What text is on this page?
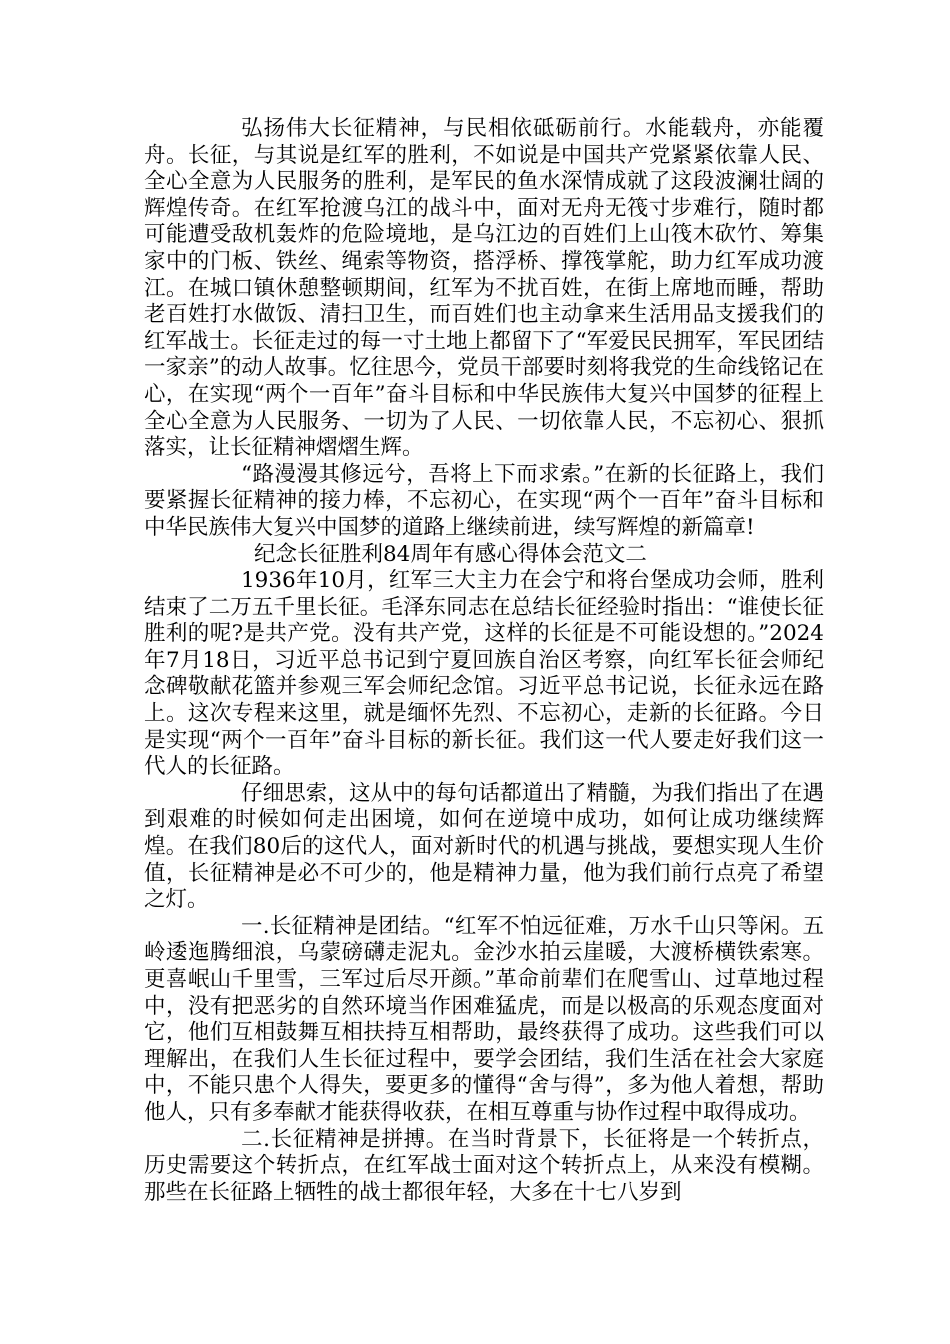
弘扬伟大长征精神，与民相依砥砺前行。水能载舟，亦能覆舟。长征，与其说是红军的胜利，不如说是中国共产党紧紧依靠人民、全心全意为人民服务的胜利，是军民的鱼水深情成就了这段波澜壮阔的辉煌传奇。在红军抢渡乌江的战斗中，面对无舟无筏寸步难行，随时都可能遭受敌机轰炸的危险境地，是乌江边的百姓们上山筏木砍竹、筹集家中的门板、铁丝、绳索等物资，搭浮桥、撑筏掌舵，助力红军成功渡江。在城口镇休憩整顿期间，红军为不扰百姓，在街上席地而睡，帮助老百姓打水做饭、清扫卫生，而百姓们也主动拿来生活用品支援我们的红军战士。长征走过的每一寸土地上都留下了“军爱民民拥军，军民团结一家亲”的动人故事。忆往思今，党员干部要时刻将我党的生命线铭记在心，在实现“两个一百年”奋斗目标和中华民族伟大复兴中国梦的征程上全心全意为人民服务、一切为了人民、一切依靠人民，不忘初心、狠抓落实，让长征精神熠熠生辉。

“路漫漫其修远兮，吾将上下而求索。”在新的长征路上，我们要紧握长征精神的接力棒，不忘初心，在实现“两个一百年”奋斗目标和中华民族伟大复兴中国梦的道路上继续前进，续写辉煌的新篇章!

纪念长征胜利84周年有感心得体会范文二

1936年10月，红军三大主力在会宁和将台堡成功会师，胜利结束了二万五千里长征。毛泽东同志在总结长征经验时指出：“谁使长征胜利的呢?是共产党。没有共产党，这样的长征是不可能设想的。”2024年7月18日，习近平总书记到宁夏回族自治区考察，向红军长征会师纪念碑敬献花篮并参观三军会师纪念馆。习近平总书记说，长征永远在路上。这次专程来这里，就是缅怀先烈、不忘初心，走新的长征路。今日是实现“两个一百年”奋斗目标的新长征。我们这一代人要走好我们这一代人的长征路。

仔细思索，这从中的每句话都道出了精髓，为我们指出了在遇到艰难的时候如何走出困境，如何在逆境中成功，如何让成功继续辉煌。在我们80后的这代人，面对新时代的机遇与挑战，要想实现人生价值，长征精神是必不可少的，他是精神力量，他为我们前行点亮了希望之灯。

一.长征精神是团结。“红军不怕远征难，万水千山只等闲。五岭逶迤腾细浪，乌蒙磅礴走泥丸。金沙水拍云崖暖，大渡桥横铁索寒。更喜岷山千里雪，三军过后尽开颜。”革命前辈们在爬雪山、过草地过程中，没有把恶劣的自然环境当作困难猛虎，而是以极高的乐观态度面对它，他们互相鼓舞互相扶持互相帮助，最终获得了成功。这些我们可以理解出，在我们人生长征过程中，要学会团结，我们生活在社会大家庭中，不能只患个人得失，要更多的懂得“舍与得”，多为他人着想，帮助他人，只有多奉献才能获得收获，在相互尊重与协作过程中取得成功。

二.长征精神是拼搏。在当时背景下，长征将是一个转折点，历史需要这个转折点，在红军战士面对这个转折点上，从来没有模糊。那些在长征路上牺牲的战士都很年轻，大多在十七八岁到
